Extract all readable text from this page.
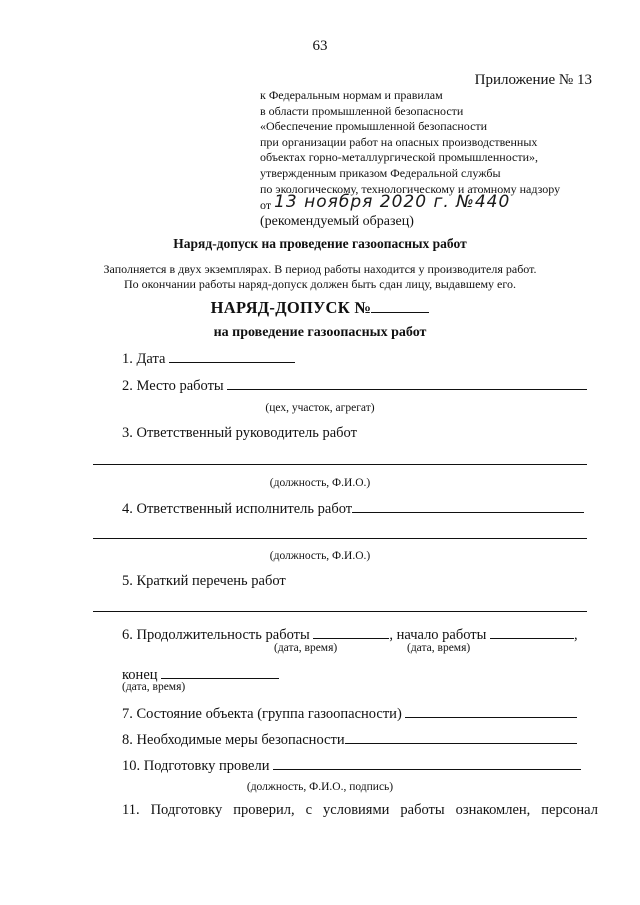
63
Приложение № 13
к Федеральным нормам и правилам
в области промышленной безопасности
«Обеспечение промышленной безопасности
при организации работ на опасных производственных
объектах горно-металлургической промышленности»,
утвержденным приказом Федеральной службы
по экологическому, технологическому и атомному надзору
от 13 ноября 2020 г. №440
(рекомендуемый образец)
Наряд-допуск на проведение газоопасных работ
Заполняется в двух экземплярах. В период работы находится у производителя работ.
По окончании работы наряд-допуск должен быть сдан лицу, выдавшему его.
НАРЯД-ДОПУСК №
на проведение газоопасных работ
1. Дата
2. Место работы
(цех, участок, агрегат)
3. Ответственный руководитель работ
(должность, Ф.И.О.)
4. Ответственный исполнитель работ
(должность, Ф.И.О.)
5. Краткий перечень работ
6. Продолжительность работы	, начало работы	,
(дата, время)	(дата, время)
конец
(дата, время)
7. Состояние объекта (группа газоопасности)
8. Необходимые меры безопасности
10. Подготовку провели
(должность, Ф.И.О., подпись)
11. Подготовку проверил, с условиями работы ознакомлен, персонал
